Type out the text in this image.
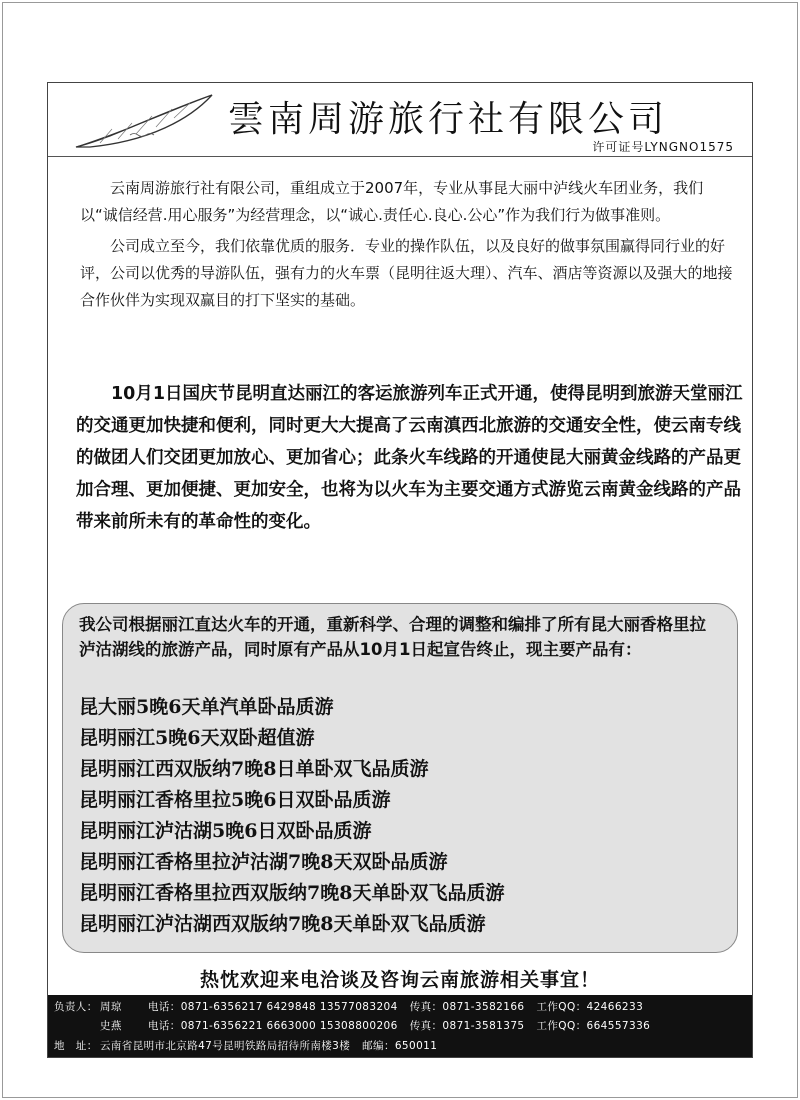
雲南周游旅行社有限公司
许可证号LYNGNO1575

云南周游旅行社有限公司，重组成立于2007年，专业从事昆大丽中泸线火车团业务，我们以“诚信经营.用心服务”为经营理念，以“诚心.责任心.良心.公心”作为我们行为做事准则。

公司成立至今，我们依靠优质的服务．专业的操作队伍，以及良好的做事氛围赢得同行业的好评，公司以优秀的导游队伍，强有力的火车票（昆明往返大理）、汽车、酒店等资源以及强大的地接合作伙伴为实现双赢目的打下坚实的基础。

10月1日国庆节昆明直达丽江的客运旅游列车正式开通，使得昆明到旅游天堂丽江的交通更加快捷和便利，同时更大大提高了云南滇西北旅游的交通安全性，使云南专线的做团人们交团更加放心、更加省心；此条火车线路的开通使昆大丽黄金线路的产品更加合理、更加便捷、更加安全，也将为以火车为主要交通方式游览云南黄金线路的产品带来前所未有的革命性的变化。

我公司根据丽江直达火车的开通，重新科学、合理的调整和编排了所有昆大丽香格里拉泸沽湖线的旅游产品，同时原有产品从10月1日起宣告终止，现主要产品有：
昆大丽5晚6天单汽单卧品质游
昆明丽江5晚6天双卧超值游
昆明丽江西双版纳7晚8日单卧双飞品质游
昆明丽江香格里拉5晚6日双卧品质游
昆明丽江泸沽湖5晚6日双卧品质游
昆明丽江香格里拉泸沽湖7晚8天双卧品质游
昆明丽江香格里拉西双版纳7晚8天单卧双飞品质游
昆明丽江泸沽湖西双版纳7晚8天单卧双飞品质游
热忱欢迎来电洽谈及咨询云南旅游相关事宜！
负责人： 周琼 电话：0871-6356217 6429848 13577083204 传真：0871-3582166 工作QQ：42466233
史燕 电话：0871-6356221 6663000 15308800206 传真：0871-3581375 工作QQ：664557336
地　址： 云南省昆明市北京路47号昆明铁路局招待所南楼3楼 邮编：650011
